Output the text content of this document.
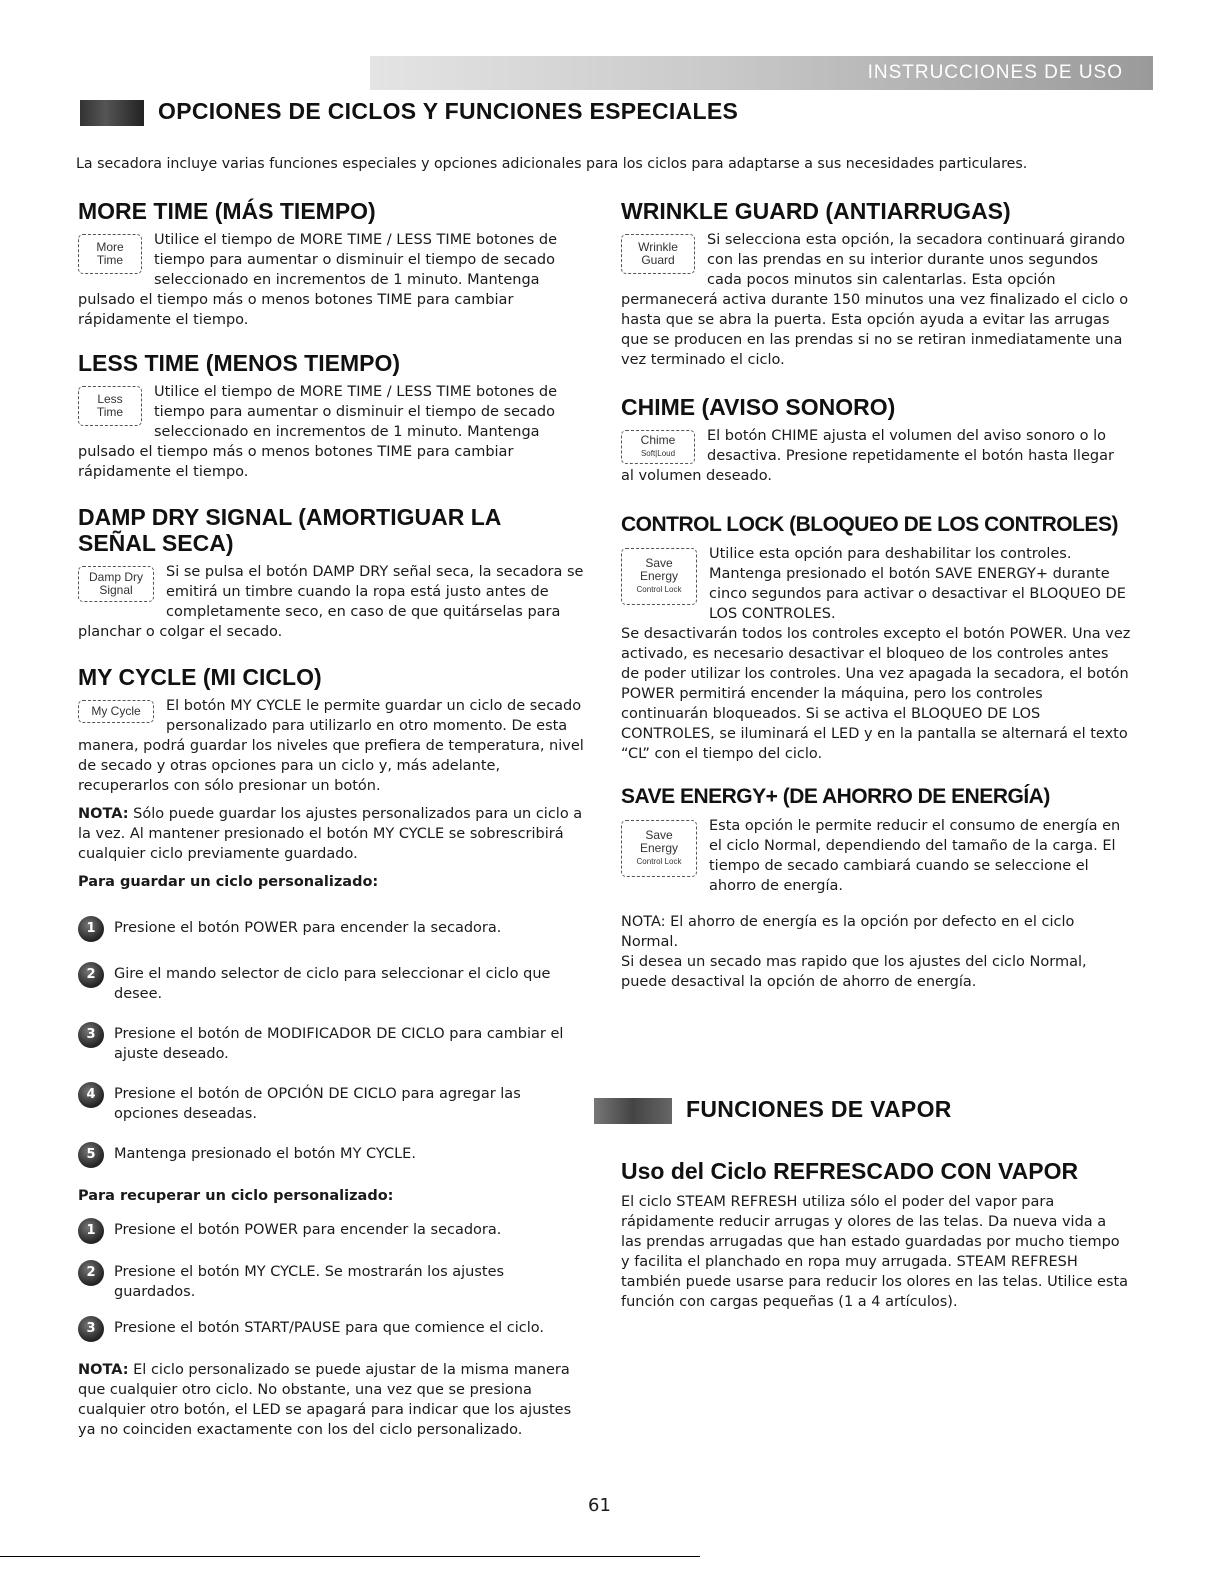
INSTRUCCIONES DE USO
OPCIONES DE CICLOS Y FUNCIONES ESPECIALES
La secadora incluye varias funciones especiales y opciones adicionales para los ciclos para adaptarse a sus necesidades particulares.
MORE TIME (MÁS TIEMPO)
More Time

Utilice el tiempo de MORE TIME / LESS TIME botones de tiempo para aumentar o disminuir el tiempo de secado seleccionado en incrementos de 1 minuto. Mantenga pulsado el tiempo más o menos botones TIME para cambiar rápidamente el tiempo.

LESS TIME (MENOS TIEMPO)
Less Time

Utilice el tiempo de MORE TIME / LESS TIME botones de tiempo para aumentar o disminuir el tiempo de secado seleccionado en incrementos de 1 minuto. Mantenga pulsado el tiempo más o menos botones TIME para cambiar rápidamente el tiempo.

DAMP DRY SIGNAL (AMORTIGUAR LA SEÑAL SECA)
Damp Dry Signal

Si se pulsa el botón DAMP DRY señal seca, la secadora se emitirá un timbre cuando la ropa está justo antes de completamente seco, en caso de que quitárselas para planchar o colgar el secado.

MY CYCLE (MI CICLO)
My Cycle	El botón MY CYCLE le permite guardar un ciclo de secado personalizado para utilizarlo en otro momento. De esta manera, podrá guardar los niveles que prefiera de temperatura, nivel de secado y otras opciones para un ciclo y, más adelante, recuperarlos con sólo presionar un botón.

NOTA: Sólo puede guardar los ajustes personalizados para un ciclo a la vez. Al mantener presionado el botón MY CYCLE se sobrescribirá cualquier ciclo previamente guardado.

Para guardar un ciclo personalizado:

1	Presione el botón POWER para encender la secadora.
2	Gire el mando selector de ciclo para seleccionar el ciclo que desee.
3	Presione el botón de MODIFICADOR DE CICLO para cambiar el ajuste deseado.
4	Presione el botón de OPCIÓN DE CICLO para agregar las opciones deseadas.
5	Mantenga presionado el botón MY CYCLE.

Para recuperar un ciclo personalizado:

1	Presione el botón POWER para encender la secadora.
2	Presione el botón MY CYCLE. Se mostrarán los ajustes guardados.
3	Presione el botón START/PAUSE para que comience el ciclo.

NOTA: El ciclo personalizado se puede ajustar de la misma manera que cualquier otro ciclo. No obstante, una vez que se presiona cualquier otro botón, el LED se apagará para indicar que los ajustes ya no coinciden exactamente con los del ciclo personalizado.

WRINKLE GUARD (ANTIARRUGAS)
Wrinkle Guard

Si selecciona esta opción, la secadora continuará girando con las prendas en su interior durante unos segundos cada pocos minutos sin calentarlas. Esta opción permanecerá activa durante 150 minutos una vez finalizado el ciclo o hasta que se abra la puerta. Esta opción ayuda a evitar las arrugas que se producen en las prendas si no se retiran inmediatamente una vez terminado el ciclo.

CHIME (AVISO SONORO)
Chime
Soft|Loud

El botón CHIME ajusta el volumen del aviso sonoro o lo desactiva. Presione repetidamente el botón hasta llegar al volumen deseado.

CONTROL LOCK (BLOQUEO DE LOS CONTROLES)
Save Energy
Control Lock

Utilice esta opción para deshabilitar los controles. Mantenga presionado el botón SAVE ENERGY+ durante cinco segundos para activar o desactivar el BLOQUEO DE LOS CONTROLES.

Se desactivarán todos los controles excepto el botón POWER. Una vez activado, es necesario desactivar el bloqueo de los controles antes de poder utilizar los controles. Una vez apagada la secadora, el botón POWER permitirá encender la máquina, pero los controles continuarán bloqueados. Si se activa el BLOQUEO DE LOS CONTROLES, se iluminará el LED y en la pantalla se alternará el texto “CL” con el tiempo del ciclo.

SAVE ENERGY+ (DE AHORRO DE ENERGÍA)
Save Energy
Control Lock

Esta opción le permite reducir el consumo de energía en el ciclo Normal, dependiendo del tamaño de la carga. El tiempo de secado cambiará cuando se seleccione el ahorro de energía.

NOTA: El ahorro de energía es la opción por defecto en el ciclo Normal.

Si desea un secado mas rapido que los ajustes del ciclo Normal, puede desactival la opción de ahorro de energía.

FUNCIONES DE VAPOR
Uso del Ciclo REFRESCADO CON VAPOR

El ciclo STEAM REFRESH utiliza sólo el poder del vapor para rápidamente reducir arrugas y olores de las telas. Da nueva vida a las prendas arrugadas que han estado guardadas por mucho tiempo y facilita el planchado en ropa muy arrugada. STEAM REFRESH también puede usarse para reducir los olores en las telas. Utilice esta función con cargas pequeñas (1 a 4 artículos).

61
